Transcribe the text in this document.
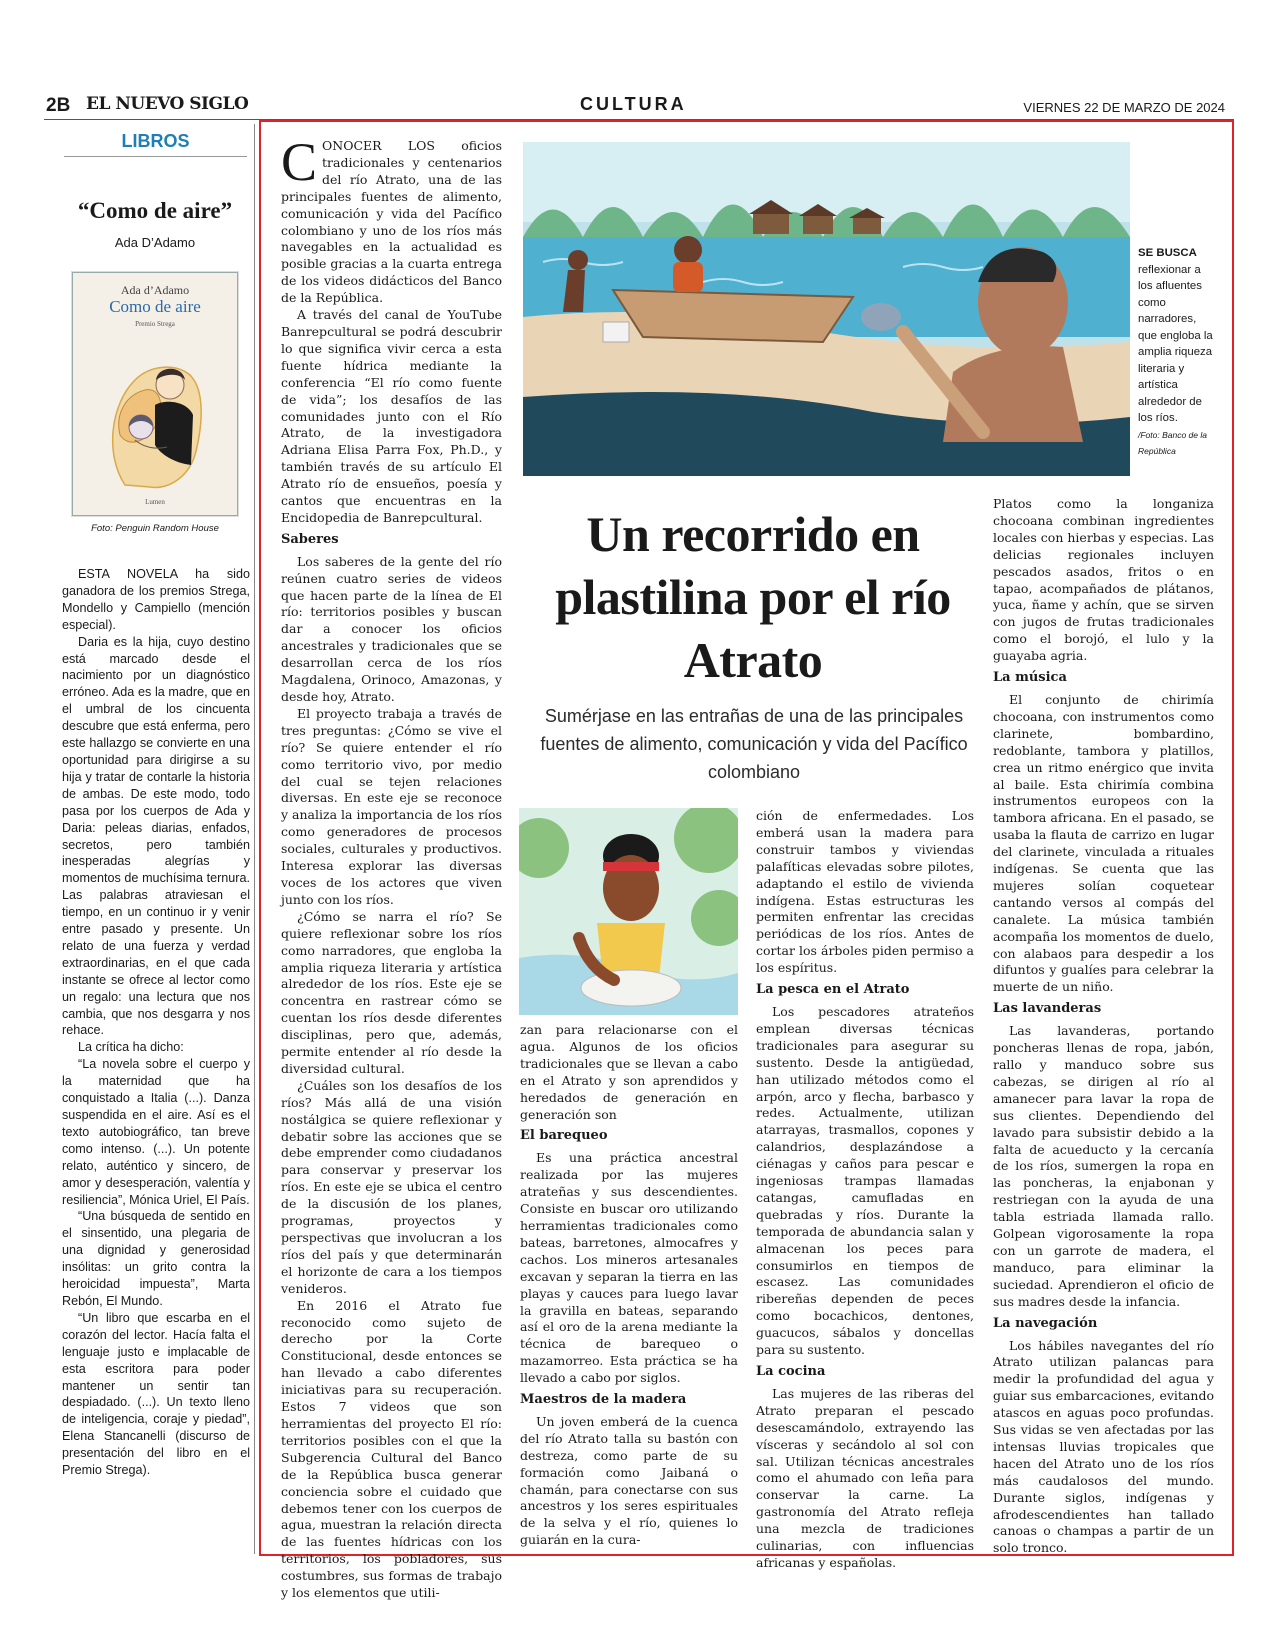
2B EL NUEVO SIGLO	CULTURA	VIERNES 22 DE MARZO DE 2024
LIBROS
“Como de aire”
Ada D’Adamo
Ada d’Adamo
Como de aire
Premio Strega
Lumen
Foto: Penguin Random House

ESTA NOVELA ha sido ganadora de los premios Strega, Mondello y Campiello (mención especial).

Daria es la hija, cuyo destino está marcado desde el nacimiento por un diagnóstico erróneo. Ada es la madre, que en el umbral de los cincuenta descubre que está enferma, pero este hallazgo se convierte en una oportunidad para dirigirse a su hija y tratar de contarle la historia de ambas. De este modo, todo pasa por los cuerpos de Ada y Daria: peleas diarias, enfados, secretos, pero también inesperadas alegrías y momentos de muchísima ternura. Las palabras atraviesan el tiempo, en un continuo ir y venir entre pasado y presente. Un relato de una fuerza y verdad extraordinarias, en el que cada instante se ofrece al lector como un regalo: una lectura que nos cambia, que nos desgarra y nos rehace.

La crítica ha dicho:

“La novela sobre el cuerpo y la maternidad que ha conquistado a Italia (...). Danza suspendida en el aire. Así es el texto autobiográfico, tan breve como intenso. (...). Un potente relato, auténtico y sincero, de amor y desesperación, valentía y resiliencia”, Mónica Uriel, El País.

“Una búsqueda de sentido en el sinsentido, una plegaria de una dignidad y generosidad insólitas: un grito contra la heroicidad impuesta”, Marta Rebón, El Mundo.

“Un libro que escarba en el corazón del lector. Hacía falta el lenguaje justo e implacable de esta escritora para poder mantener un sentir tan despiadado. (...). Un texto lleno de inteligencia, coraje y piedad”, Elena Stancanelli (discurso de presentación del libro en el Premio Strega).

SE BUSCA
reflexionar a los afluentes como narradores, que engloba la amplia riqueza literaria y artística alrededor de los ríos.
/Foto: Banco de la República
Un recorrido en plastilina por el río Atrato
Sumérjase en las entrañas de una de las principales fuentes de alimento, comunicación y vida del Pacífico colombiano

CONOCER LOS oficios tradicionales y centenarios del río Atrato, una de las principales fuentes de alimento, comunicación y vida del Pacífico colombiano y uno de los ríos más navegables en la actualidad es posible gracias a la cuarta entrega de los videos didácticos del Banco de la República.

A través del canal de YouTube Banrepcultural se podrá descubrir lo que significa vivir cerca a esta fuente hídrica mediante la conferencia “El río como fuente de vida”; los desafíos de las comunidades junto con el Río Atrato, de la investigadora Adriana Elisa Parra Fox, Ph.D., y también través de su artículo El Atrato río de ensueños, poesía y cantos que encuentras en la Encidopedia de Banrepcultural.

Saberes

Los saberes de la gente del río reúnen cuatro series de videos que hacen parte de la línea de El río: territorios posibles y buscan dar a conocer los oficios ancestrales y tradicionales que se desarrollan cerca de los ríos Magdalena, Orinoco, Amazonas, y desde hoy, Atrato.

El proyecto trabaja a través de tres preguntas: ¿Cómo se vive el río? Se quiere entender el río como territorio vivo, por medio del cual se tejen relaciones diversas. En este eje se reconoce y analiza la importancia de los ríos como generadores de procesos sociales, culturales y productivos. Interesa explorar las diversas voces de los actores que viven junto con los ríos.

¿Cómo se narra el río? Se quiere reflexionar sobre los ríos como narradores, que engloba la amplia riqueza literaria y artística alrededor de los ríos. Este eje se concentra en rastrear cómo se cuentan los ríos desde diferentes disciplinas, pero que, además, permite entender al río desde la diversidad cultural.

¿Cuáles son los desafíos de los ríos? Más allá de una visión nostálgica se quiere reflexionar y debatir sobre las acciones que se debe emprender como ciudadanos para conservar y preservar los ríos. En este eje se ubica el centro de la discusión de los planes, programas, proyectos y perspectivas que involucran a los ríos del país y que determinarán el horizonte de cara a los tiempos venideros.

En 2016 el Atrato fue reconocido como sujeto de derecho por la Corte Constitucional, desde entonces se han llevado a cabo diferentes iniciativas para su recuperación. Estos 7 videos que son herramientas del proyecto El río: territorios posibles con el que la Subgerencia Cultural del Banco de la República busca generar conciencia sobre el cuidado que debemos tener con los cuerpos de agua, muestran la relación directa de las fuentes hídricas con los territorios, los pobladores, sus costumbres, sus formas de trabajo y los elementos que utili-

zan para relacionarse con el agua. Algunos de los oficios tradicionales que se llevan a cabo en el Atrato y son aprendidos y heredados de generación en generación son

El barequeo

Es una práctica ancestral realizada por las mujeres atrateñas y sus descendientes. Consiste en buscar oro utilizando herramientas tradicionales como bateas, barretones, almocafres y cachos. Los mineros artesanales excavan y separan la tierra en las playas y cauces para luego lavar la gravilla en bateas, separando así el oro de la arena mediante la técnica de barequeo o mazamorreo. Esta práctica se ha llevado a cabo por siglos.

Maestros de la madera

Un joven emberá de la cuenca del río Atrato talla su bastón con destreza, como parte de su formación como Jaibaná o chamán, para conectarse con sus ancestros y los seres espirituales de la selva y el río, quienes lo guiarán en la cura-

ción de enfermedades. Los emberá usan la madera para construir tambos y viviendas palafíticas elevadas sobre pilotes, adaptando el estilo de vivienda indígena. Estas estructuras les permiten enfrentar las crecidas periódicas de los ríos. Antes de cortar los árboles piden permiso a los espíritus.

La pesca en el Atrato

Los pescadores atrateños emplean diversas técnicas tradicionales para asegurar su sustento. Desde la antigüedad, han utilizado métodos como el arpón, arco y flecha, barbasco y redes. Actualmente, utilizan atarrayas, trasmallos, copones y calandrios, desplazándose a ciénagas y caños para pescar e ingeniosas trampas llamadas catangas, camufladas en quebradas y ríos. Durante la temporada de abundancia salan y almacenan los peces para consumirlos en tiempos de escasez. Las comunidades ribereñas dependen de peces como bocachicos, dentones, guacucos, sábalos y doncellas para su sustento.

La cocina

Las mujeres de las riberas del Atrato preparan el pescado desescamándolo, extrayendo las vísceras y secándolo al sol con sal. Utilizan técnicas ancestrales como el ahumado con leña para conservar la carne. La gastronomía del Atrato refleja una mezcla de tradiciones culinarias, con influencias africanas y españolas.

Platos como la longaniza chocoana combinan ingredientes locales con hierbas y especias. Las delicias regionales incluyen pescados asados, fritos o en tapao, acompañados de plátanos, yuca, ñame y achín, que se sirven con jugos de frutas tradicionales como el borojó, el lulo y la guayaba agria.

La música

El conjunto de chirimía chocoana, con instrumentos como clarinete, bombardino, redoblante, tambora y platillos, crea un ritmo enérgico que invita al baile. Esta chirimía combina instrumentos europeos con la tambora africana. En el pasado, se usaba la flauta de carrizo en lugar del clarinete, vinculada a rituales indígenas. Se cuenta que las mujeres solían coquetear cantando versos al compás del canalete. La música también acompaña los momentos de duelo, con alabaos para despedir a los difuntos y gualíes para celebrar la muerte de un niño.

Las lavanderas

Las lavanderas, portando poncheras llenas de ropa, jabón, rallo y manduco sobre sus cabezas, se dirigen al río al amanecer para lavar la ropa de sus clientes. Dependiendo del lavado para subsistir debido a la falta de acueducto y la cercanía de los ríos, sumergen la ropa en las poncheras, la enjabonan y restriegan con la ayuda de una tabla estriada llamada rallo. Golpean vigorosamente la ropa con un garrote de madera, el manduco, para eliminar la suciedad. Aprendieron el oficio de sus madres desde la infancia.

La navegación

Los hábiles navegantes del río Atrato utilizan palancas para medir la profundidad del agua y guiar sus embarcaciones, evitando atascos en aguas poco profundas. Sus vidas se ven afectadas por las intensas lluvias tropicales que hacen del Atrato uno de los ríos más caudalosos del mundo. Durante siglos, indígenas y afrodescendientes han tallado canoas o champas a partir de un solo tronco.
